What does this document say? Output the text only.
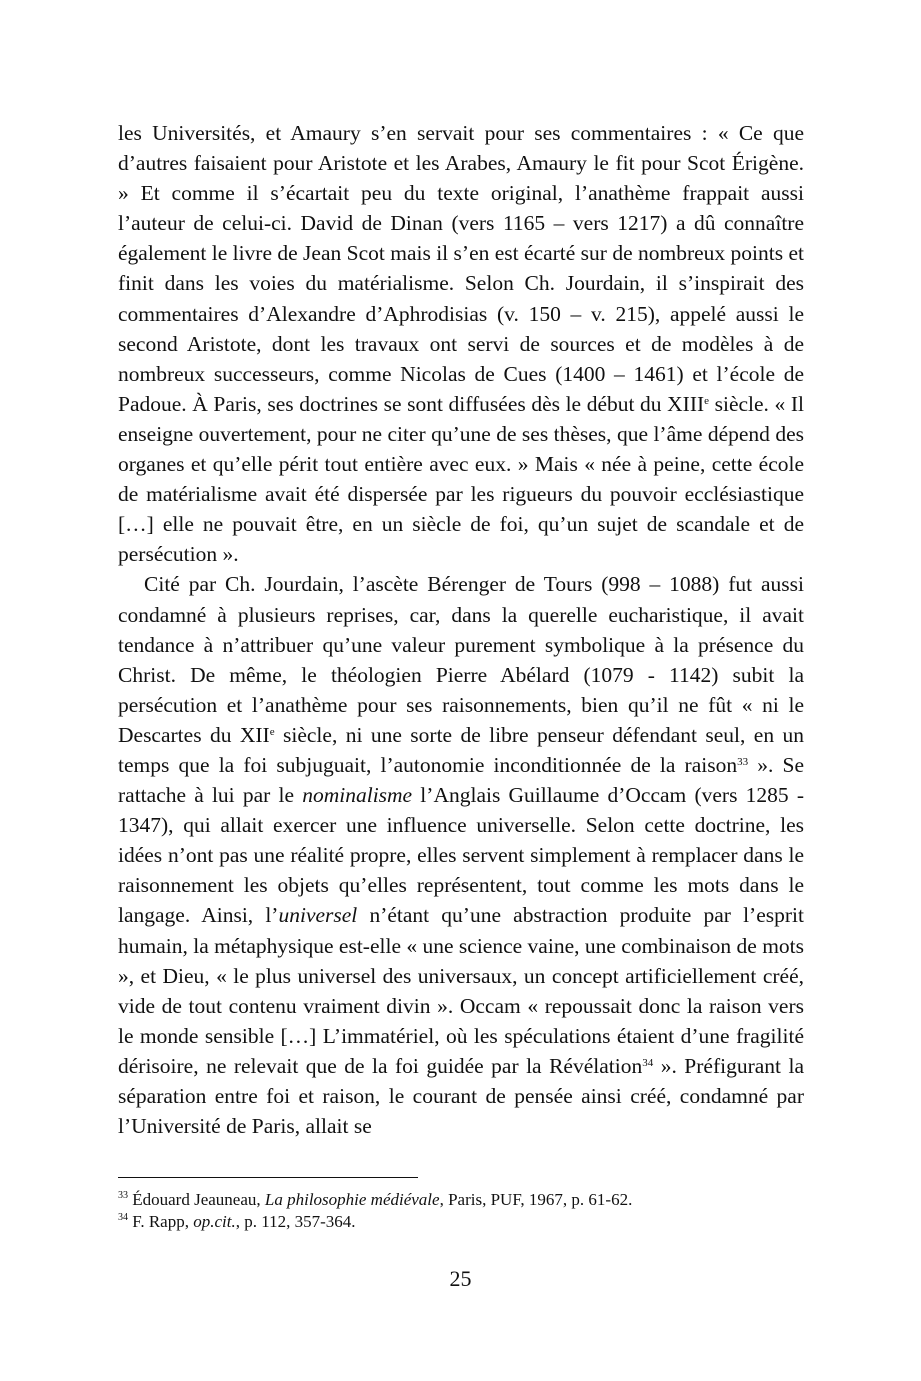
les Universités, et Amaury s’en servait pour ses commentaires : « Ce que d’autres faisaient pour Aristote et les Arabes, Amaury le fit pour Scot Érigène. » Et comme il s’écartait peu du texte original, l’anathème frappait aussi l’auteur de celui-ci. David de Dinan (vers 1165 – vers 1217) a dû connaître également le livre de Jean Scot mais il s’en est écarté sur de nombreux points et finit dans les voies du matérialisme. Selon Ch. Jourdain, il s’inspirait des commentaires d’Alexandre d’Aphrodisias (v. 150 – v. 215), appelé aussi le second Aristote, dont les travaux ont servi de sources et de modèles à de nombreux successeurs, comme Nicolas de Cues (1400 – 1461) et l’école de Padoue. À Paris, ses doctrines se sont diffusées dès le début du XIIIe siècle. « Il enseigne ouvertement, pour ne citer qu’une de ses thèses, que l’âme dépend des organes et qu’elle périt tout entière avec eux. » Mais « née à peine, cette école de matérialisme avait été dispersée par les rigueurs du pouvoir ecclésiastique […] elle ne pouvait être, en un siècle de foi, qu’un sujet de scandale et de persécution ».

Cité par Ch. Jourdain, l’ascète Bérenger de Tours (998 – 1088) fut aussi condamné à plusieurs reprises, car, dans la querelle eucharistique, il avait tendance à n’attribuer qu’une valeur purement symbolique à la présence du Christ. De même, le théologien Pierre Abélard (1079 - 1142) subit la persécution et l’anathème pour ses raisonnements, bien qu’il ne fût « ni le Descartes du XIIe siècle, ni une sorte de libre penseur défendant seul, en un temps que la foi subjuguait, l’autonomie inconditionnée de la raison$^{33}$ ». Se rattache à lui par le nominalisme l’Anglais Guillaume d’Occam (vers 1285 - 1347), qui allait exercer une influence universelle. Selon cette doctrine, les idées n’ont pas une réalité propre, elles servent simplement à remplacer dans le raisonnement les objets qu’elles représentent, tout comme les mots dans le langage. Ainsi, l’universel n’étant qu’une abstraction produite par l’esprit humain, la métaphysique est-elle « une science vaine, une combinaison de mots », et Dieu, « le plus universel des universaux, un concept artificiellement créé, vide de tout contenu vraiment divin ». Occam « repoussait donc la raison vers le monde sensible […] L’immatériel, où les spéculations étaient d’une fragilité dérisoire, ne relevait que de la foi guidée par la Révélation$^{34}$ ». Préfigurant la séparation entre foi et raison, le courant de pensée ainsi créé, condamné par l’Université de Paris, allait se

$^{33}$ Édouard Jeauneau, La philosophie médiévale, Paris, PUF, 1967, p. 61-62.

$^{34}$ F. Rapp, op.cit., p. 112, 357-364.

25
